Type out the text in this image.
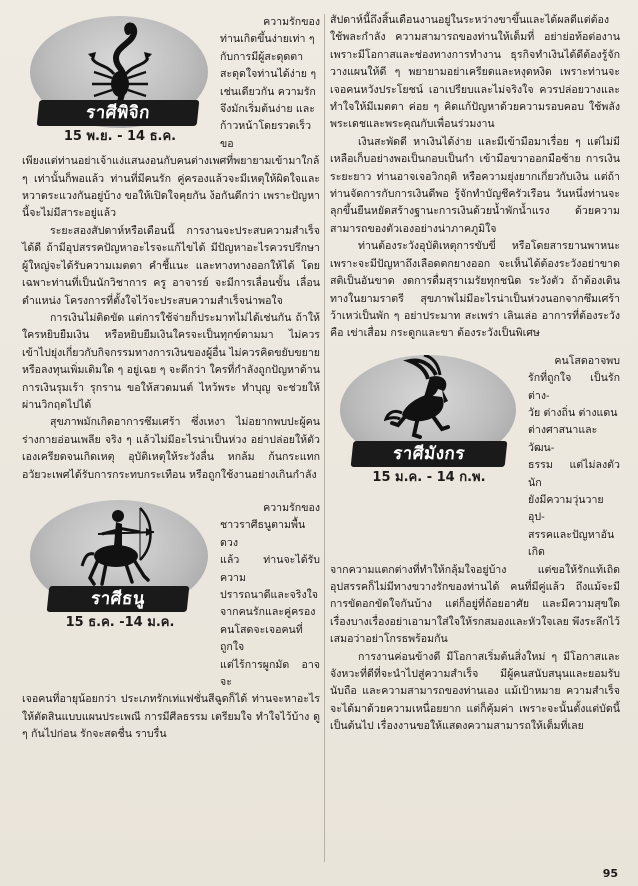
ราศีพิจิก
15 พ.ย. - 14 ธ.ค.

ความรักของ

ท่านเกิดขึ้นง่ายเท่า ๆ

กับการมีผู้สะดุดตา

สะดุดใจท่านได้ง่าย ๆ

เช่นเดียวกัน ความรัก

จึงมักเริ่มต้นง่าย และ

ก้าวหน้าโดยรวดเร็ว ขอ

เพียงแต่ท่านอย่าเจ้าแง่แสนงอนกับคนต่างเพศที่พยายามเข้ามาใกล้ ๆ เท่านั้นก็พอแล้ว ท่านที่มีคนรัก คู่ครองแล้วจะมีเหตุให้ผิดใจและหวาดระแวงกันอยู่บ้าง ขอให้เปิดใจคุยกัน ง้อกันดีกว่า เพราะปัญหานี้จะไม่มีสาระอยู่แล้ว

ระยะสองสัปดาห์หรือเดือนนี้ การงานจะประสบความสำเร็จได้ดี ถ้ามีอุปสรรคปัญหาอะไรจะแก้ไขได้ มีปัญหาอะไรควรปรึกษาผู้ใหญ่จะได้รับความเมตตา คำชี้แนะ และทางทางออกให้ได้ โดยเฉพาะท่านที่เป็นนักวิชาการ ครู อาจารย์ จะมีการเลื่อนขั้น เลื่อนตำแหน่ง โครงการที่ตั้งใจไว้จะประสบความสำเร็จน่าพอใจ

การเงินไม่ติดขัด แต่การใช้จ่ายก็ประมาทไม่ได้เช่นกัน ถ้าให้ใครหยิบยืมเงิน หรือหยิบยืมเงินใครจะเป็นทุกข์ตามมา ไม่ควรเข้าไปยุ่งเกี่ยวกับกิจกรรมทางการเงินของผู้อื่น ไม่ควรคิดขยับขยายหรือลงทุนเพิ่มเติมใด ๆ อยู่เฉย ๆ จะดีกว่า ใครที่กำลังถูกปัญหาด้านการเงินรุมเร้า รุกราน ขอให้สวดมนต์ ไหว้พระ ทำบุญ จะช่วยให้ผ่านวิกฤตไปได้

สุขภาพมักเกิดอาการซึมเศร้า ซึ่งเหงา ไม่อยากพบปะผู้คน ร่างกายอ่อนเพลีย จริง ๆ แล้วไม่มีอะไรน่าเป็นห่วง อย่าปล่อยให้ตัวเองเครียดจนเกิดเหตุ อุบัติเหตุให้ระวังลื่น หกล้ม ก้นกระแทก อวัยวะเพศได้รับการกระทบกระเทือน หรือถูกใช้งานอย่างเกินกำลัง

ราศีธนู
15 ธ.ค. -14 ม.ค.

ความรักของ

ชาวราศีธนูตามพื้นดวง

แล้ว ท่านจะได้รับความ

ปรารถนาดีและจริงใจ

จากคนรักและคู่ครอง

คนโสดจะเจอคนที่ถูกใจ

แต่ไร้การผูกมัด อาจจะ

เจอคนที่อายุน้อยกว่า ประเภทรักเท่แฟชั่นสีฉูดก็ได้ ท่านจะหาอะไรให้ตัดสินแบบแผนประเพณี การมีศีลธรรม เตรียมใจ ทำใจไว้บ้าง ดู ๆ กันไปก่อน รักจะสดชื่น ราบรื่น

สัปดาห์นี้ถึงสิ้นเดือนงานอยู่ในระหว่างขาขึ้นและได้ผลดีแต่ต้องใช้พละกำลัง ความสามารถของท่านให้เต็มที่ อย่าย่อท้อต่องาน เพราะมีโอกาสและช่องทางการทำงาน ธุรกิจทำเงินได้ดีต้องรู้จักวางแผนให้ดี ๆ พยายามอย่าเครียดและหงุดหงิด เพราะท่านจะเจอคนหวังประโยชน์ เอาเปรียบและไม่จริงใจ ควรปล่อยวางและทำใจให้มีเมตตา ค่อย ๆ คิดแก้ปัญหาด้วยความรอบคอบ ใช้พลังพระเดชและพระคุณกับเพื่อนร่วมงาน

เงินสะพัดดี หาเงินได้ง่าย และมีเข้ามือมาเรื่อย ๆ แต่ไม่มีเหลือเก็บอย่างพอเป็นกอบเป็นกำ เข้ามือขวาออกมือซ้าย การเงินระยะยาว ท่านอาจเจอวิกฤติ หรือความยุ่งยากเกี่ยวกับเงิน แต่ถ้าท่านจัดการกับการเงินดีพอ รู้จักทำบัญชีครัวเรือน วันหนึ่งท่านจะลุกขึ้นยืนหยัดสร้างฐานะการเงินด้วยน้ำพักน้ำแรง ด้วยความสามารถของตัวเองอย่างน่าภาคภูมิใจ

ท่านต้องระวังอุบัติเหตุการขับขี่ หรือโดยสารยานพาหนะ เพราะจะมีปัญหาถึงเลือดตกยางออก จะเห็นได้ต้องระวังอย่าขาดสติเป็นอันขาด งดการดื่มสุราเมรัยทุกชนิด ระวังตัว ถ้าต้องเดินทางในยามราตรี สุขภาพไม่มีอะไรน่าเป็นห่วงนอกจากซึมเศร้า ว้าเหว่เป็นพัก ๆ อย่าประมาท สะเพร่า เลินเล่อ อาการที่ต้องระวัง คือ เข่าเสื่อม กระดูกและขา ต้องระวังเป็นพิเศษ

ราศีมังกร
15 ม.ค. - 14 ก.พ.

คนโสดอาจพบ

รักที่ถูกใจ เป็นรักต่าง-

วัย ต่างถิ่น ต่างแดน

ต่างศาสนาและวัฒน-

ธรรม แต่ไม่ลงตัวนัก

ยังมีความวุ่นวาย อุป-

สรรคและปัญหาอันเกิด

จากความแตกต่างที่ทำให้กลุ้มใจอยู่บ้าง แต่ขอให้รักแท้เถิด อุปสรรคก็ไม่มีทางขวางรักของท่านได้ คนที่มีคู่แล้ว ถึงแม้จะมีการขัดอกขัดใจกันบ้าง แต่ก็อยู่ที่ถ้อยอาศัย และมีความสุขใดเรื่องบางเรื่องอย่าเอามาใส่ใจให้รกสมองและหัวใจเลย พึงระลึกไว้เสมอว่าอย่าโกรธพร้อมกัน

การงานค่อนข้างดี มีโอกาสเริ่มต้นสิ่งใหม่ ๆ มีโอกาสและจังหวะที่ดีที่จะนำไปสู่ความสำเร็จ มีผู้คนสนับสนุนและยอมรับนับถือ และความสามารถของท่านเอง แม้เป้าหมาย ความสำเร็จจะได้มาด้วยความเหนื่อยยาก แต่ก็คุ้มค่า เพราะจะนั้นตั้งแต่บัดนี้เป็นต้นไป เรื่องงานขอให้แสดงความสามารถให้เต็มที่เลย

95
